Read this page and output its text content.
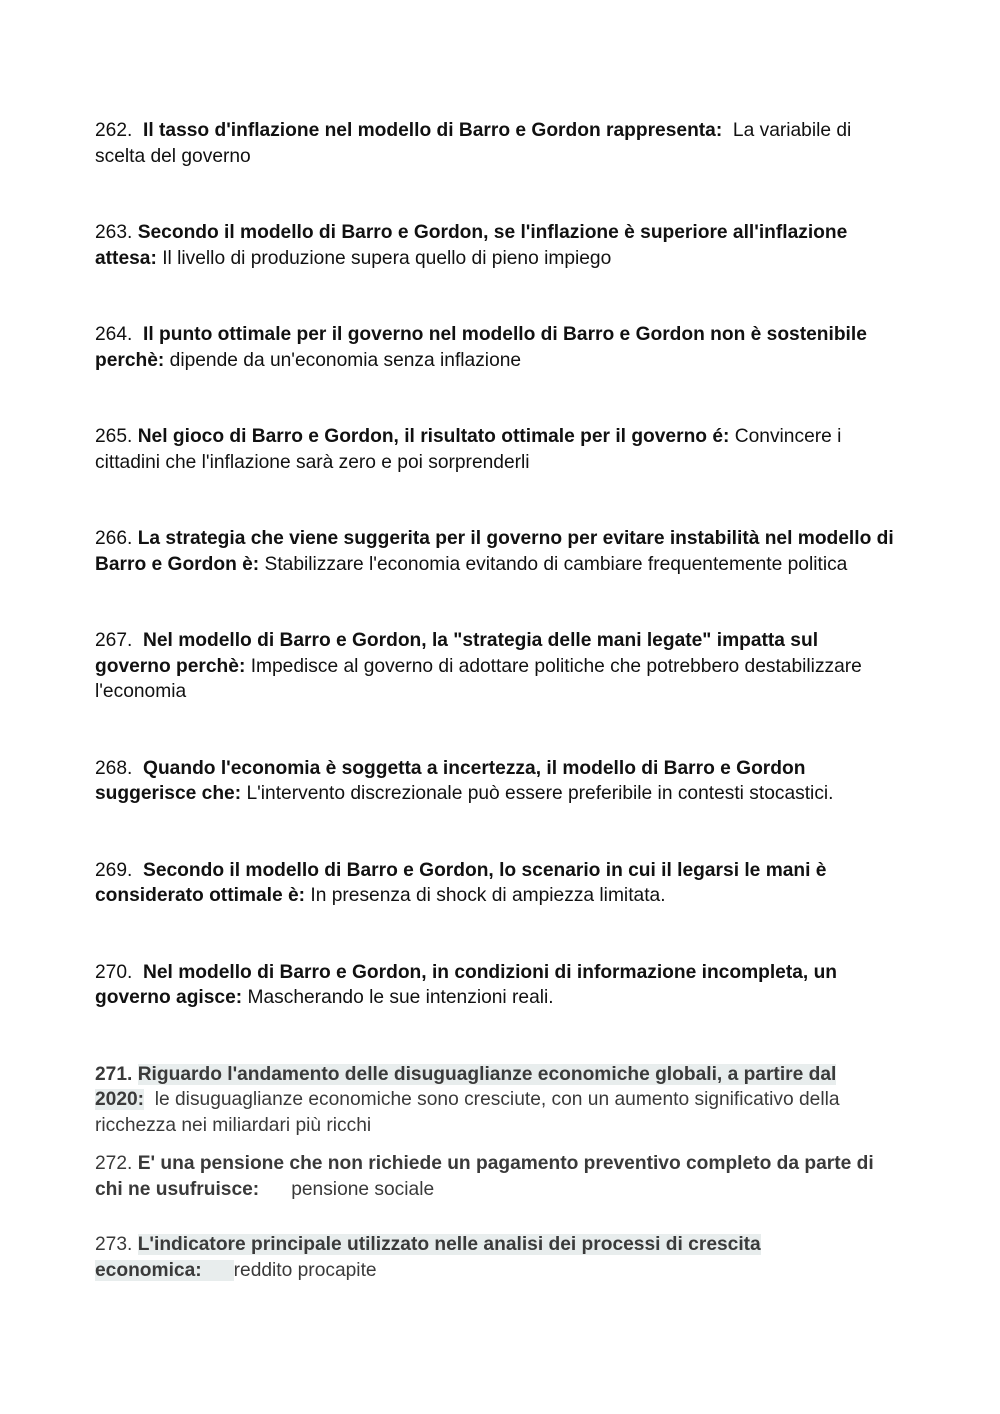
262. Il tasso d'inflazione nel modello di Barro e Gordon rappresenta: La variabile di scelta del governo

263. Secondo il modello di Barro e Gordon, se l'inflazione è superiore all'inflazione attesa: Il livello di produzione supera quello di pieno impiego

264. Il punto ottimale per il governo nel modello di Barro e Gordon non è sostenibile perchè: dipende da un'economia senza inflazione

265. Nel gioco di Barro e Gordon, il risultato ottimale per il governo é: Convincere i cittadini che l'inflazione sarà zero e poi sorprenderli

266. La strategia che viene suggerita per il governo per evitare instabilità nel modello di Barro e Gordon è: Stabilizzare l'economia evitando di cambiare frequentemente politica

267. Nel modello di Barro e Gordon, la "strategia delle mani legate" impatta sul governo perchè: Impedisce al governo di adottare politiche che potrebbero destabilizzare l'economia

268. Quando l'economia è soggetta a incertezza, il modello di Barro e Gordon suggerisce che: L'intervento discrezionale può essere preferibile in contesti stocastici.

269. Secondo il modello di Barro e Gordon, lo scenario in cui il legarsi le mani è considerato ottimale è: In presenza di shock di ampiezza limitata.

270. Nel modello di Barro e Gordon, in condizioni di informazione incompleta, un governo agisce: Mascherando le sue intenzioni reali.

271. Riguardo l'andamento delle disuguaglianze economiche globali, a partire dal 2020: le disuguaglianze economiche sono cresciute, con un aumento significativo della ricchezza nei miliardari più ricchi

272. E' una pensione che non richiede un pagamento preventivo completo da parte di chi ne usufruisce: pensione sociale

273. L'indicatore principale utilizzato nelle analisi dei processi di crescita economica: reddito procapite
